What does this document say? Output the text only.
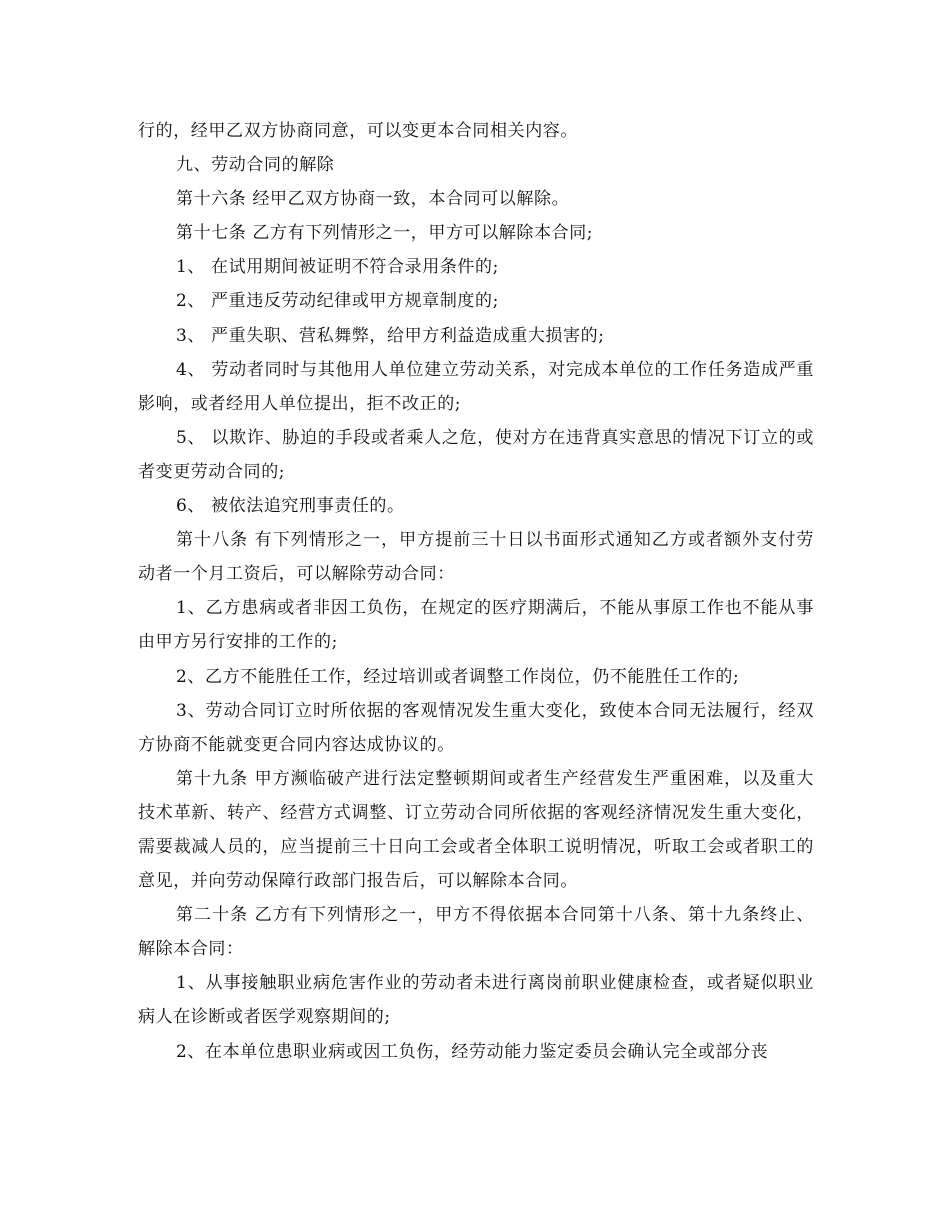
行的，经甲乙双方协商同意，可以变更本合同相关内容。

九、劳动合同的解除

第十六条 经甲乙双方协商一致，本合同可以解除。

第十七条 乙方有下列情形之一，甲方可以解除本合同;

1、 在试用期间被证明不符合录用条件的;

2、 严重违反劳动纪律或甲方规章制度的;

3、 严重失职、营私舞弊，给甲方利益造成重大损害的;

4、 劳动者同时与其他用人单位建立劳动关系，对完成本单位的工作任务造成严重影响，或者经用人单位提出，拒不改正的;

5、 以欺诈、胁迫的手段或者乘人之危，使对方在违背真实意思的情况下订立的或者变更劳动合同的;

6、 被依法追究刑事责任的。

第十八条 有下列情形之一，甲方提前三十日以书面形式通知乙方或者额外支付劳动者一个月工资后，可以解除劳动合同：

1、乙方患病或者非因工负伤，在规定的医疗期满后，不能从事原工作也不能从事由甲方另行安排的工作的;

2、乙方不能胜任工作，经过培训或者调整工作岗位，仍不能胜任工作的;

3、劳动合同订立时所依据的客观情况发生重大变化，致使本合同无法履行，经双方协商不能就变更合同内容达成协议的。

第十九条 甲方濒临破产进行法定整顿期间或者生产经营发生严重困难，以及重大技术革新、转产、经营方式调整、订立劳动合同所依据的客观经济情况发生重大变化，需要裁减人员的，应当提前三十日向工会或者全体职工说明情况，听取工会或者职工的意见，并向劳动保障行政部门报告后，可以解除本合同。

第二十条 乙方有下列情形之一，甲方不得依据本合同第十八条、第十九条终止、解除本合同：

1、从事接触职业病危害作业的劳动者未进行离岗前职业健康检查，或者疑似职业病人在诊断或者医学观察期间的;

2、在本单位患职业病或因工负伤，经劳动能力鉴定委员会确认完全或部分丧
